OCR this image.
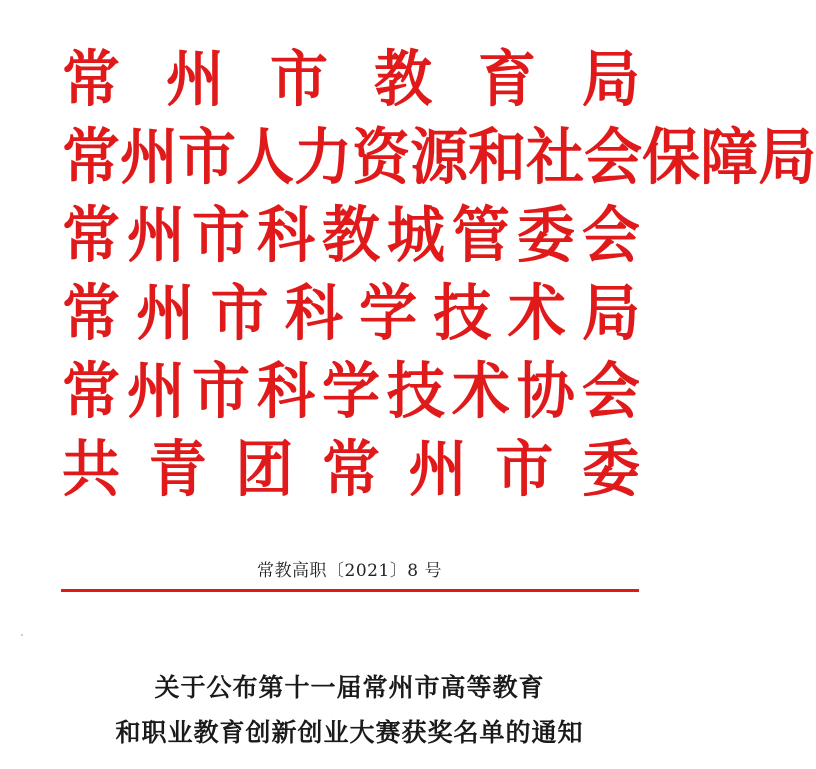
常 州 市 教 育 局
常 州 市 人 力 资 源 和 社 会 保 障 局
常 州 市 科 教 城 管 委 会
常 州 市 科 学 技 术 局
常 州 市 科 学 技 术 协 会
共 青 团 常 州 市 委
常教高职〔2021〕8 号
关于公布第十一届常州市高等教育
和职业教育创新创业大赛获奖名单的通知
